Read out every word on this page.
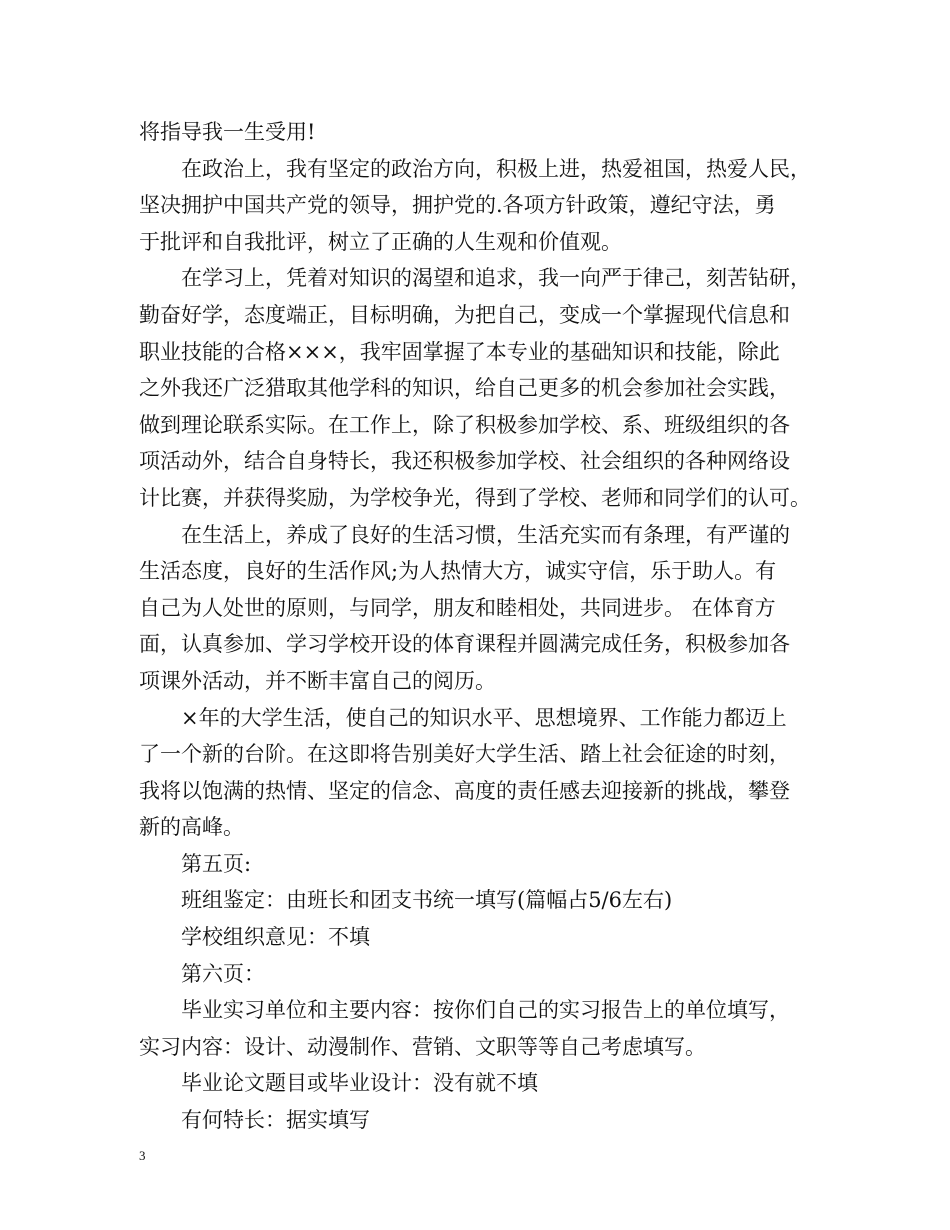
将指导我一生受用!
在政治上，我有坚定的政治方向，积极上进，热爱祖国，热爱人民，
坚决拥护中国共产党的领导，拥护党的.各项方针政策，遵纪守法，勇
于批评和自我批评，树立了正确的人生观和价值观。
在学习上，凭着对知识的渴望和追求，我一向严于律己，刻苦钻研，
勤奋好学，态度端正，目标明确，为把自己，变成一个掌握现代信息和
职业技能的合格×××，我牢固掌握了本专业的基础知识和技能，除此
之外我还广泛猎取其他学科的知识，给自己更多的机会参加社会实践，
做到理论联系实际。在工作上，除了积极参加学校、系、班级组织的各
项活动外，结合自身特长，我还积极参加学校、社会组织的各种网络设
计比赛，并获得奖励，为学校争光，得到了学校、老师和同学们的认可。
在生活上，养成了良好的生活习惯，生活充实而有条理，有严谨的
生活态度，良好的生活作风;为人热情大方，诚实守信，乐于助人。有
自己为人处世的原则，与同学，朋友和睦相处，共同进步。 在体育方
面，认真参加、学习学校开设的体育课程并圆满完成任务，积极参加各
项课外活动，并不断丰富自己的阅历。
×年的大学生活，使自己的知识水平、思想境界、工作能力都迈上
了一个新的台阶。在这即将告别美好大学生活、踏上社会征途的时刻，
我将以饱满的热情、坚定的信念、高度的责任感去迎接新的挑战，攀登
新的高峰。
第五页:
班组鉴定：由班长和团支书统一填写(篇幅占5/6左右)
学校组织意见：不填
第六页：
毕业实习单位和主要内容：按你们自己的实习报告上的单位填写，
实习内容：设计、动漫制作、营销、文职等等自己考虑填写。
毕业论文题目或毕业设计：没有就不填
有何特长：据实填写
3
